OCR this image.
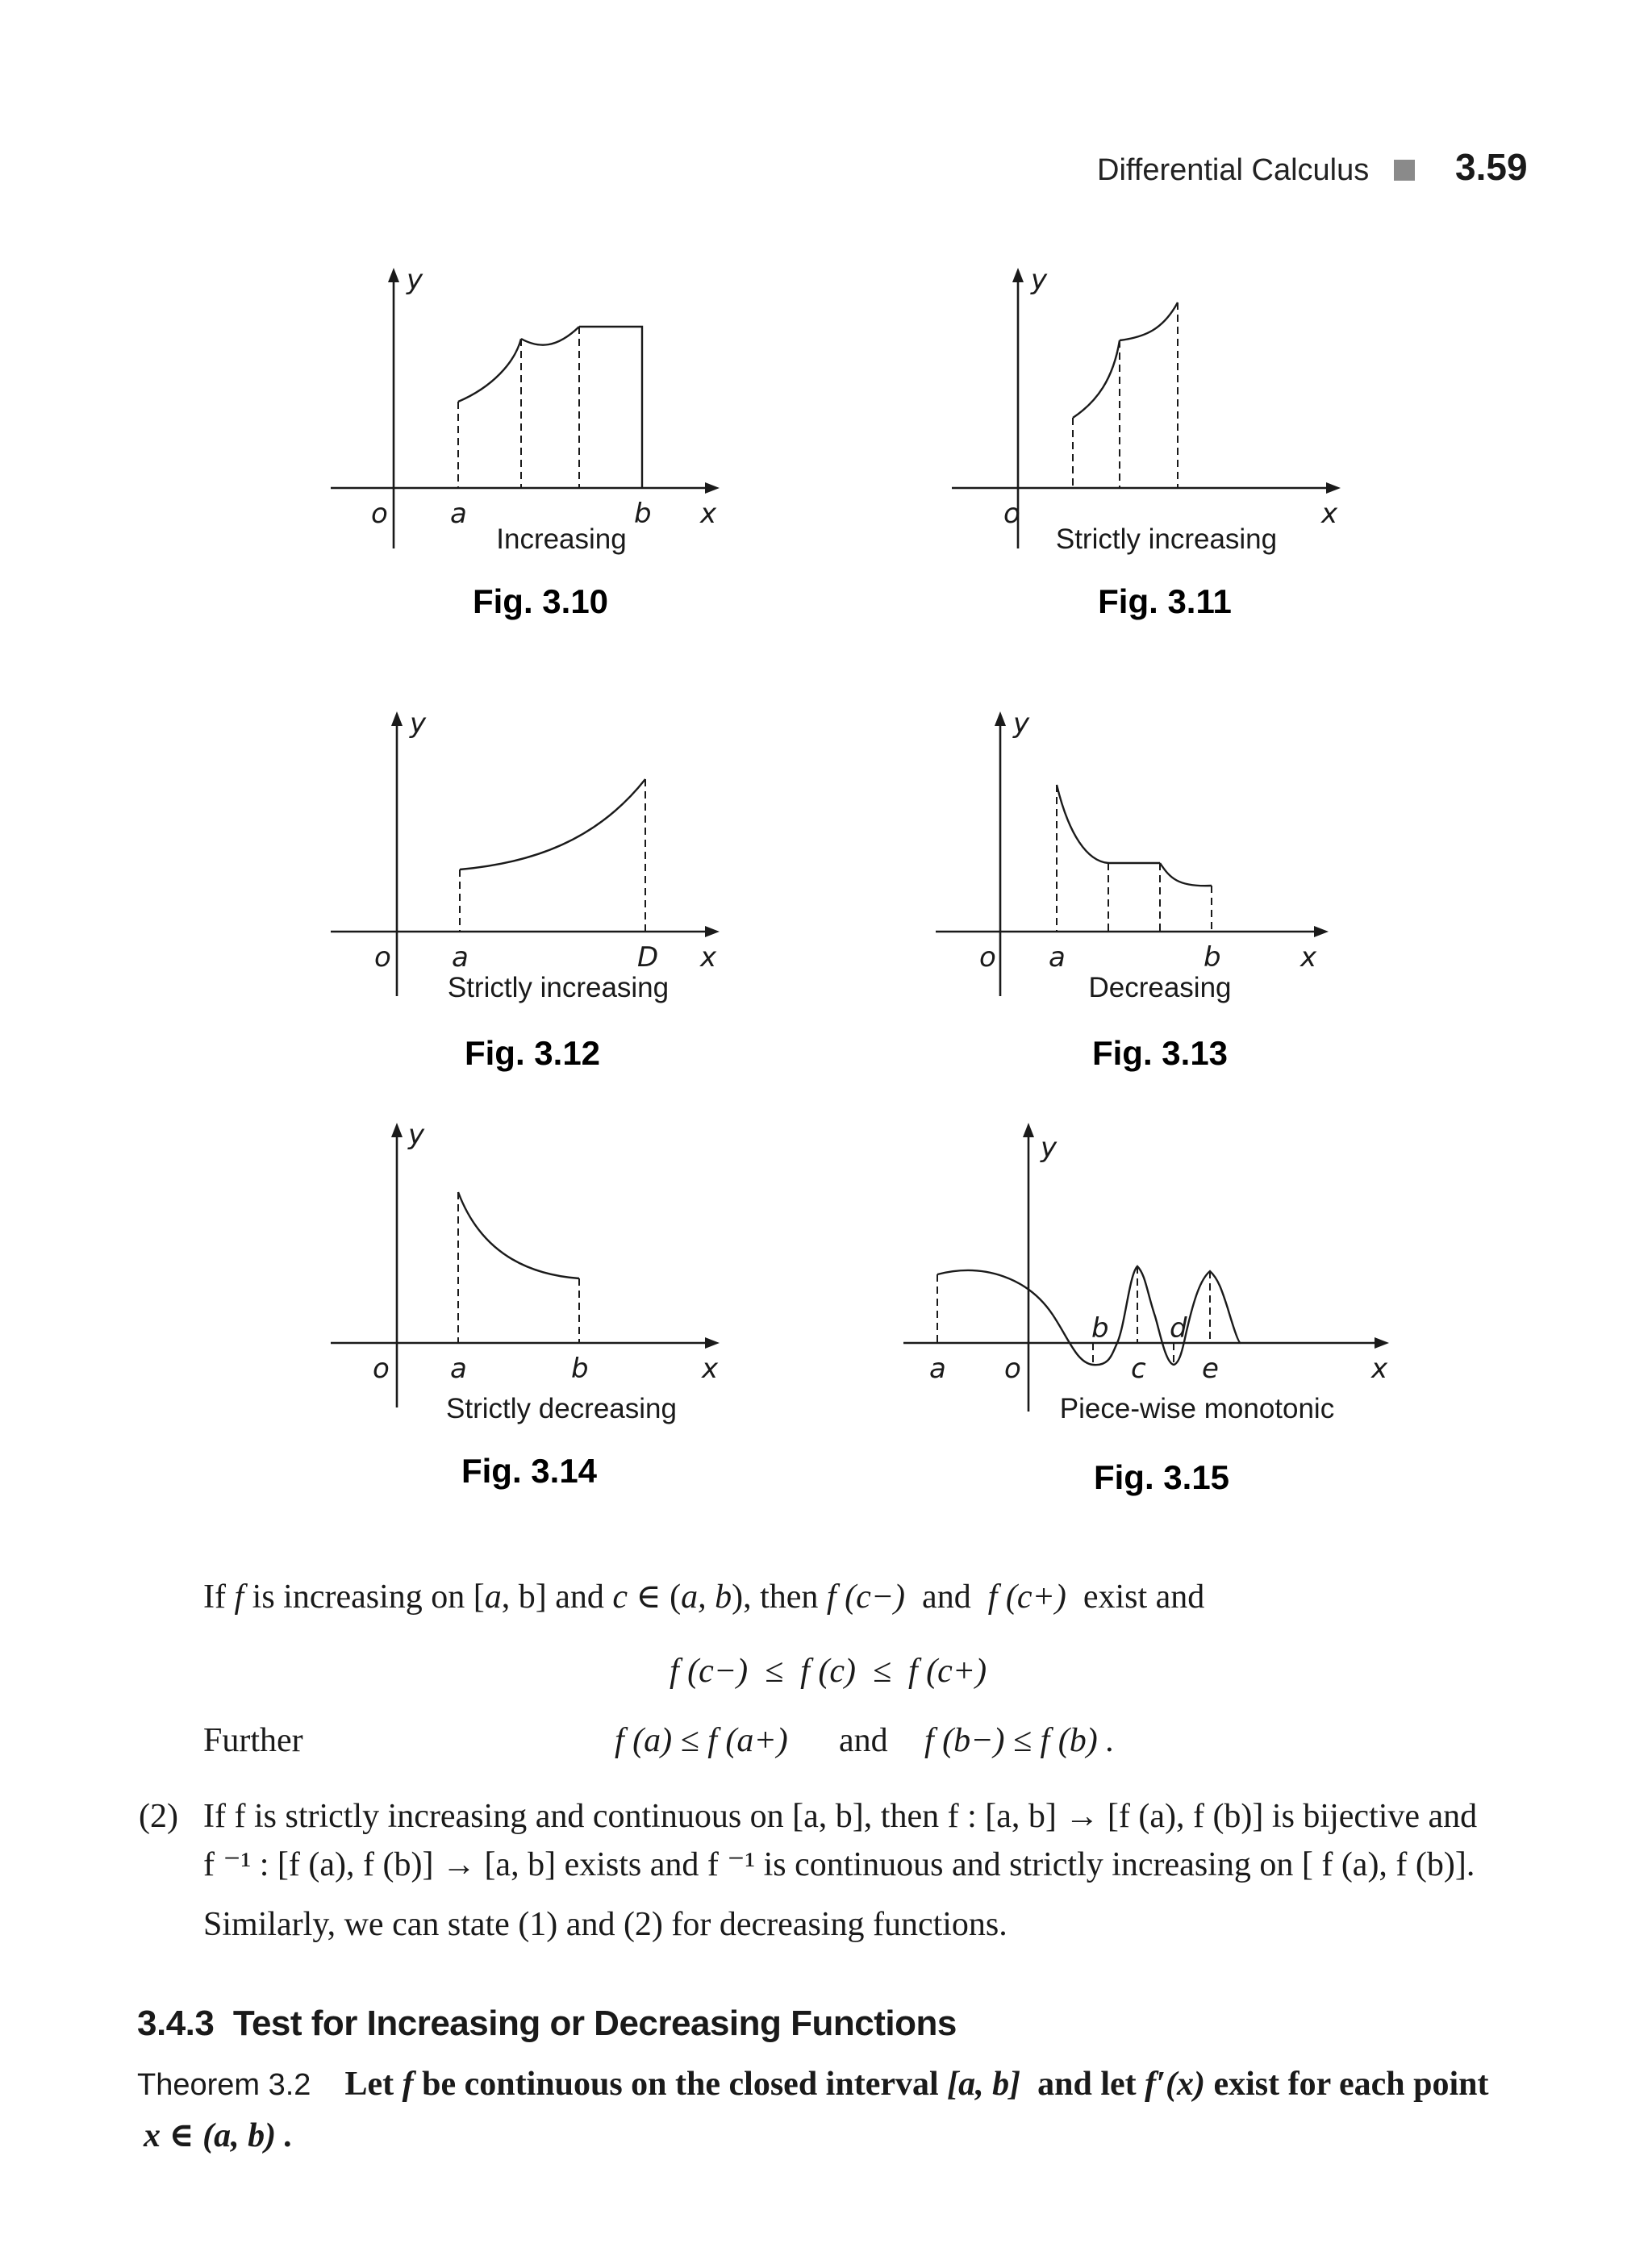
Differential Calculus 3.59
y
o a	b x
Increasing
Fig. 3.10
y
o	x
Strictly increasing
Fig. 3.11
y
o a	D x
Strictly increasing
Fig. 3.12
y
o a	b	x
Decreasing
Fig. 3.13
y
o a	b	x
Strictly decreasing
Fig. 3.14
y
a o
b
c
d
e	x
Piece-wise monotonic
Fig. 3.15
If f is increasing on [a, b] and c ∈ (a, b), then f (c−)  and  f (c+)  exist and
f (c−)  ≤  f (c)  ≤  f (c+)
Further	f (a) ≤ f (a+) and f (b−) ≤ f (b) .
(2) If f is strictly increasing and continuous on [a, b], then f : [a, b] → [f (a), f (b)] is bijective and
f ⁻¹ : [f (a), f (b)] → [a, b] exists and f ⁻¹ is continuous and strictly increasing on [ f (a), f (b)].
Similarly, we can state (1) and (2) for decreasing functions.
3.4.3 Test for Increasing or Decreasing Functions
Theorem 3.2 Let f be continuous on the closed interval [a, b]  and let f′(x) exist for each point
x ∈ (a, b) .
